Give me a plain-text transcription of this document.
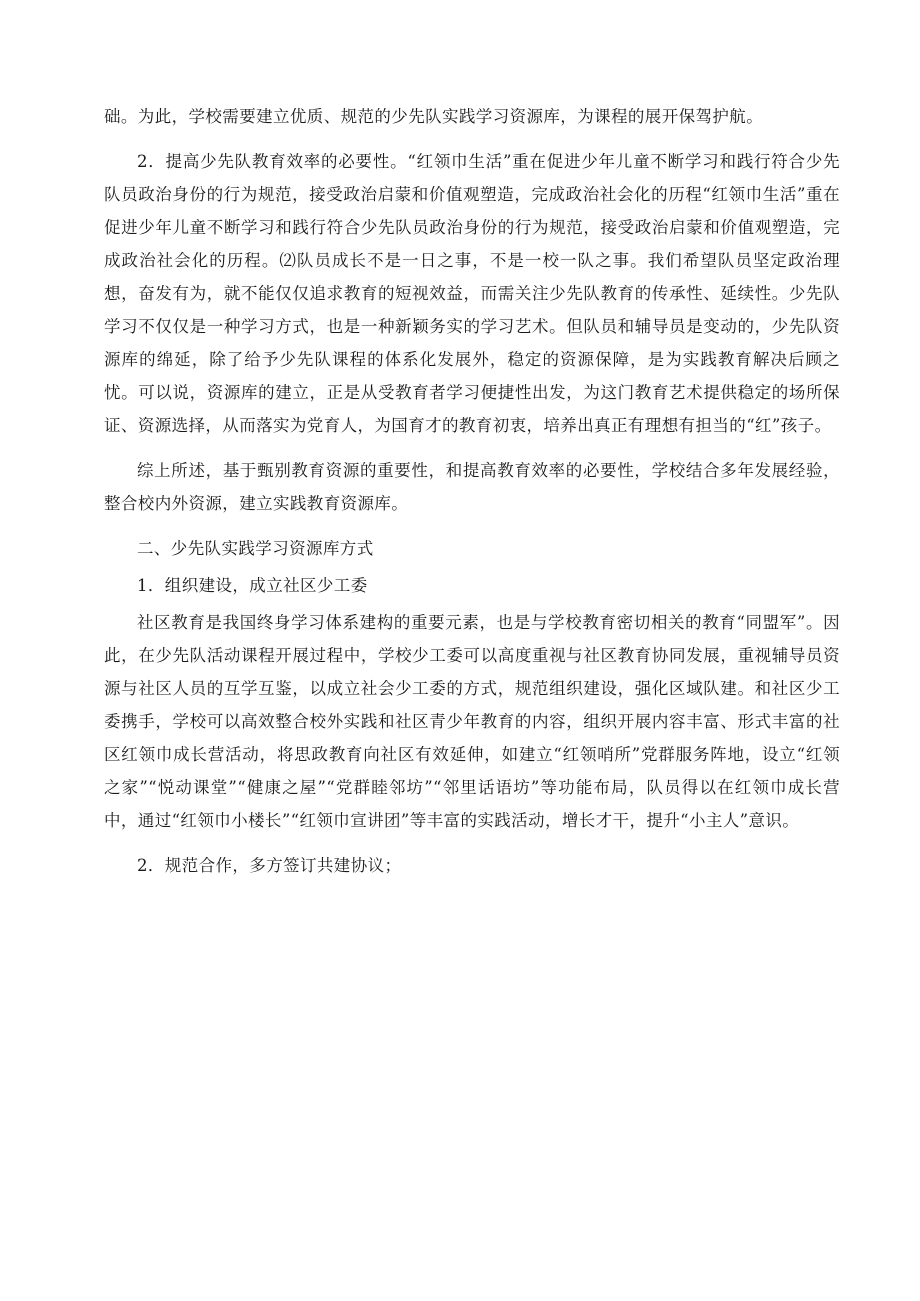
础。为此，学校需要建立优质、规范的少先队实践学习资源库，为课程的展开保驾护航。

2．提高少先队教育效率的必要性。“红领巾生活”重在促进少年儿童不断学习和践行符合少先队员政治身份的行为规范，接受政治启蒙和价值观塑造，完成政治社会化的历程“红领巾生活”重在促进少年儿童不断学习和践行符合少先队员政治身份的行为规范，接受政治启蒙和价值观塑造，完成政治社会化的历程。⑵队员成长不是一日之事，不是一校一队之事。我们希望队员坚定政治理想，奋发有为，就不能仅仅追求教育的短视效益，而需关注少先队教育的传承性、延续性。少先队学习不仅仅是一种学习方式，也是一种新颖务实的学习艺术。但队员和辅导员是变动的，少先队资源库的绵延，除了给予少先队课程的体系化发展外，稳定的资源保障，是为实践教育解决后顾之忧。可以说，资源库的建立，正是从受教育者学习便捷性出发，为这门教育艺术提供稳定的场所保证、资源选择，从而落实为党育人，为国育才的教育初衷，培养出真正有理想有担当的“红”孩子。

综上所述，基于甄别教育资源的重要性，和提高教育效率的必要性，学校结合多年发展经验，整合校内外资源，建立实践教育资源库。

二、少先队实践学习资源库方式

1．组织建设，成立社区少工委

社区教育是我国终身学习体系建构的重要元素，也是与学校教育密切相关的教育“同盟军”。因此，在少先队活动课程开展过程中，学校少工委可以高度重视与社区教育协同发展，重视辅导员资源与社区人员的互学互鉴，以成立社会少工委的方式，规范组织建设，强化区域队建。和社区少工委携手，学校可以高效整合校外实践和社区青少年教育的内容，组织开展内容丰富、形式丰富的社区红领巾成长营活动，将思政教育向社区有效延伸，如建立“红领哨所”党群服务阵地，设立“红领之家”“悦动课堂”“健康之屋”“党群睦邻坊”“邻里话语坊”等功能布局，队员得以在红领巾成长营中，通过“红领巾小楼长”“红领巾宣讲团”等丰富的实践活动，增长才干，提升“小主人”意识。

2．规范合作，多方签订共建协议；
